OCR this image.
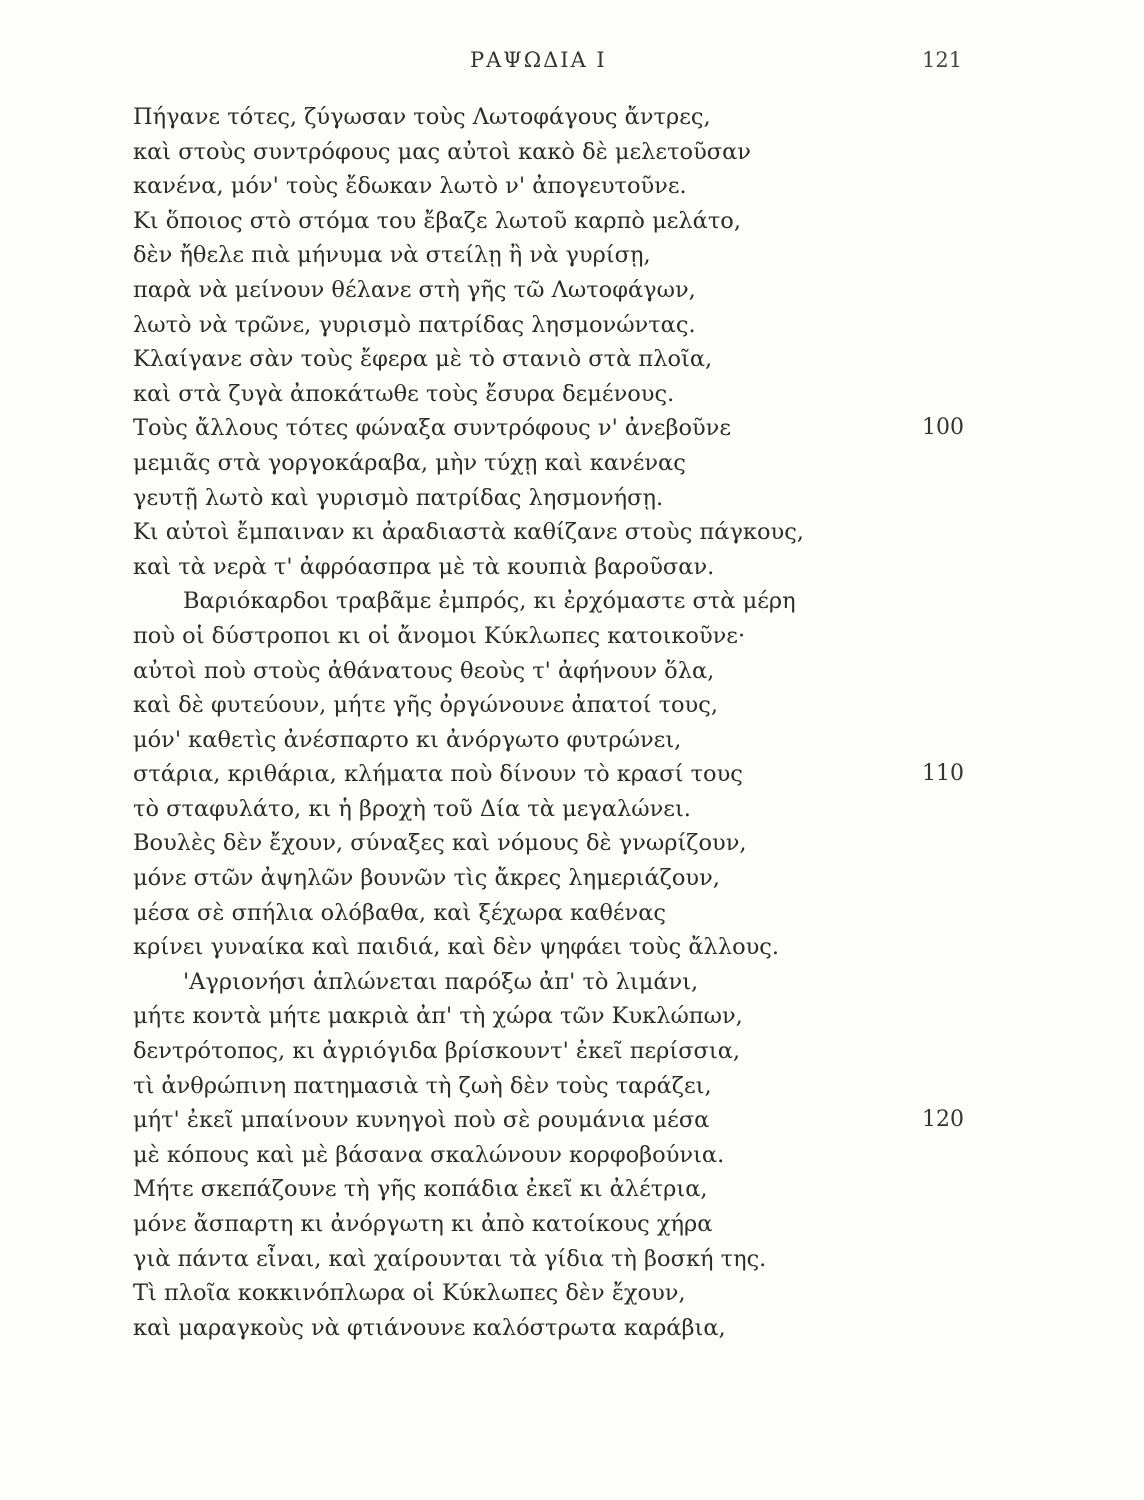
ΡΑΨΩΔΙΑ Ι	121
Πήγανε τότες, ζύγωσαν τοὺς Λωτοφάγους ἄντρες,
καὶ στοὺς συντρόφους μας αὐτοὶ κακὸ δὲ μελετοῦσαν
κανένα, μόν' τοὺς ἔδωκαν λωτὸ ν' ἀπογευτοῦνε.
Κι ὅποιος στὸ στόμα του ἔβαζε λωτοῦ καρπὸ μελάτο,
δὲν ἤθελε πιὰ μήνυμα νὰ στείλῃ ἢ νὰ γυρίσῃ,
παρὰ νὰ μείνουν θέλανε στὴ γῆς τῶ Λωτοφάγων,
λωτὸ νὰ τρῶνε, γυρισμὸ πατρίδας λησμονώντας.
Κλαίγανε σὰν τοὺς ἔφερα μὲ τὸ στανιὸ στὰ πλοῖα,
καὶ στὰ ζυγὰ ἀποκάτωθε τοὺς ἔσυρα δεμένους.
Τοὺς ἄλλους τότες φώναξα συντρόφους ν' ἀνεβοῦνε	100
μεμιᾶς στὰ γοργοκάραβα, μὴν τύχῃ καὶ κανένας
γευτῇ λωτὸ καὶ γυρισμὸ πατρίδας λησμονήσῃ.
Κι αὐτοὶ ἔμπαιναν κι ἀραδιαστὰ καθίζανε στοὺς πάγκους,
καὶ τὰ νερὰ τ' ἀφρόασπρα μὲ τὰ κουπιὰ βαροῦσαν.
Βαριόκαρδοι τραβᾶμε ἐμπρός, κι ἐρχόμαστε στὰ μέρη
ποὺ οἱ δύστροποι κι οἱ ἄνομοι Κύκλωπες κατοικοῦνε·
αὐτοὶ ποὺ στοὺς ἀθάνατους θεοὺς τ' ἀφήνουν ὅλα,
καὶ δὲ φυτεύουν, μήτε γῆς ὀργώνουνε ἀπατοί τους,
μόν' καθετὶς ἀνέσπαρτο κι ἀνόργωτο φυτρώνει,
στάρια, κριθάρια, κλήματα ποὺ δίνουν τὸ κρασί τους	110
τὸ σταφυλάτο, κι ἡ βροχὴ τοῦ Δία τὰ μεγαλώνει.
Βουλὲς δὲν ἔχουν, σύναξες καὶ νόμους δὲ γνωρίζουν,
μόνε στῶν ἀψηλῶν βουνῶν τὶς ἄκρες λημεριάζουν,
μέσα σὲ σπήλια ολόβαθα, καὶ ξέχωρα καθένας
κρίνει γυναίκα καὶ παιδιά, καὶ δὲν ψηφάει τοὺς ἄλλους.
'Αγριονήσι ἁπλώνεται παρόξω ἀπ' τὸ λιμάνι,
μήτε κοντὰ μήτε μακριὰ ἀπ' τὴ χώρα τῶν Κυκλώπων,
δεντρότοπος, κι ἀγριόγιδα βρίσκουντ' ἐκεῖ περίσσια,
τὶ ἀνθρώπινη πατημασιὰ τὴ ζωὴ δὲν τοὺς ταράζει,
μήτ' ἐκεῖ μπαίνουν κυνηγοὶ ποὺ σὲ ρουμάνια μέσα	120
μὲ κόπους καὶ μὲ βάσανα σκαλώνουν κορφοβούνια.
Μήτε σκεπάζουνε τὴ γῆς κοπάδια ἐκεῖ κι ἀλέτρια,
μόνε ἄσπαρτη κι ἀνόργωτη κι ἀπὸ κατοίκους χήρα
γιὰ πάντα εἶναι, καὶ χαίρουνται τὰ γίδια τὴ βοσκή της.
Τὶ πλοῖα κοκκινόπλωρα οἱ Κύκλωπες δὲν ἔχουν,
καὶ μαραγκοὺς νὰ φτιάνουνε καλόστρωτα καράβια,
